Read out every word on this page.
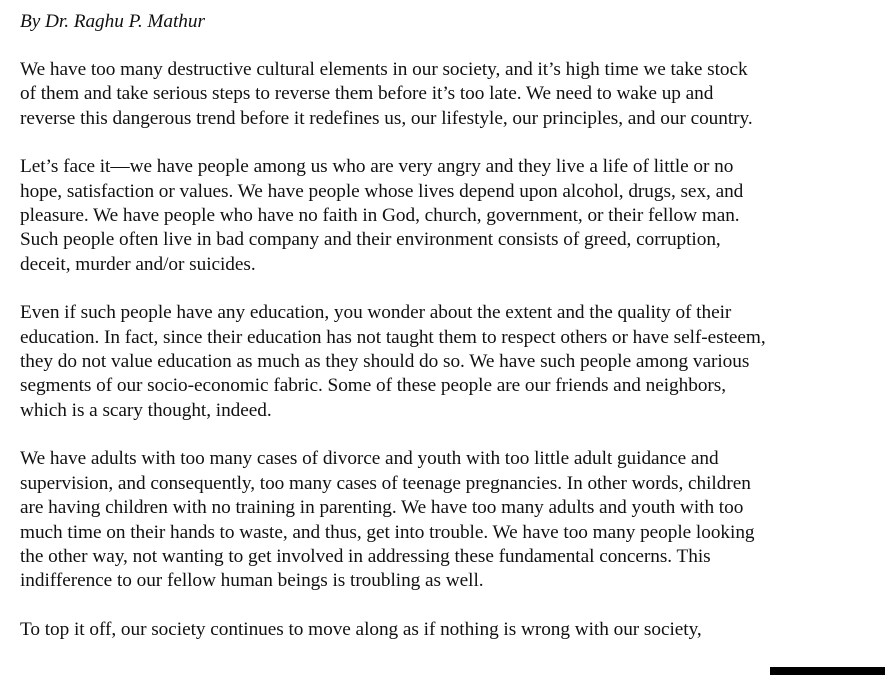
By Dr. Raghu P. Mathur
We have too many destructive cultural elements in our society, and it’s high time we take stock
of them and take serious steps to reverse them before it’s too late. We need to wake up and
reverse this dangerous trend before it redefines us, our lifestyle, our principles, and our country.
Let’s face it—we have people among us who are very angry and they live a life of little or no
hope, satisfaction or values. We have people whose lives depend upon alcohol, drugs, sex, and
pleasure. We have people who have no faith in God, church, government, or their fellow man.
Such people often live in bad company and their environment consists of greed, corruption,
deceit, murder and/or suicides.
Even if such people have any education, you wonder about the extent and the quality of their
education. In fact, since their education has not taught them to respect others or have self-esteem,
they do not value education as much as they should do so. We have such people among various
segments of our socio-economic fabric. Some of these people are our friends and neighbors,
which is a scary thought, indeed.
We have adults with too many cases of divorce and youth with too little adult guidance and
supervision, and consequently, too many cases of teenage pregnancies. In other words, children
are having children with no training in parenting. We have too many adults and youth with too
much time on their hands to waste, and thus, get into trouble. We have too many people looking
the other way, not wanting to get involved in addressing these fundamental concerns. This
indifference to our fellow human beings is troubling as well.
To top it off, our society continues to move along as if nothing is wrong with our society,
